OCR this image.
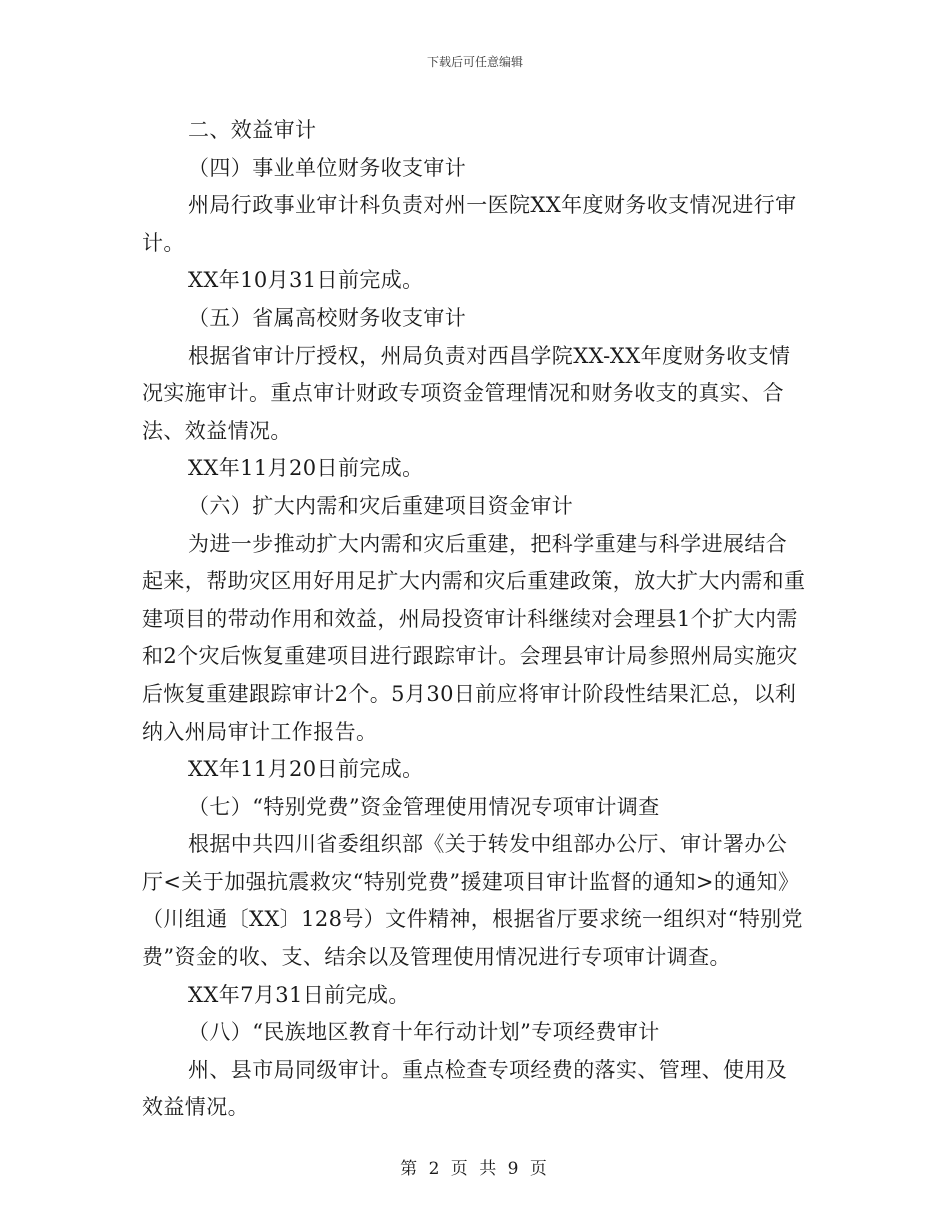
下载后可任意编辑

二、效益审计

（四）事业单位财务收支审计

州局行政事业审计科负责对州一医院XX年度财务收支情况进行审计。

XX年10月31日前完成。

（五）省属高校财务收支审计

根据省审计厅授权，州局负责对西昌学院XX-XX年度财务收支情况实施审计。重点审计财政专项资金管理情况和财务收支的真实、合法、效益情况。

XX年11月20日前完成。

（六）扩大内需和灾后重建项目资金审计

为进一步推动扩大内需和灾后重建，把科学重建与科学进展结合起来，帮助灾区用好用足扩大内需和灾后重建政策，放大扩大内需和重建项目的带动作用和效益，州局投资审计科继续对会理县1个扩大内需和2个灾后恢复重建项目进行跟踪审计。会理县审计局参照州局实施灾后恢复重建跟踪审计2个。5月30日前应将审计阶段性结果汇总，以利纳入州局审计工作报告。

XX年11月20日前完成。

（七）“特别党费”资金管理使用情况专项审计调查

根据中共四川省委组织部《关于转发中组部办公厅、审计署办公厅<关于加强抗震救灾“特别党费”援建项目审计监督的通知>的通知》（川组通〔XX〕128号）文件精神，根据省厅要求统一组织对“特别党费”资金的收、支、结余以及管理使用情况进行专项审计调查。

XX年7月31日前完成。

（八）“民族地区教育十年行动计划”专项经费审计

州、县市局同级审计。重点检查专项经费的落实、管理、使用及效益情况。

第 2 页 共 9 页
